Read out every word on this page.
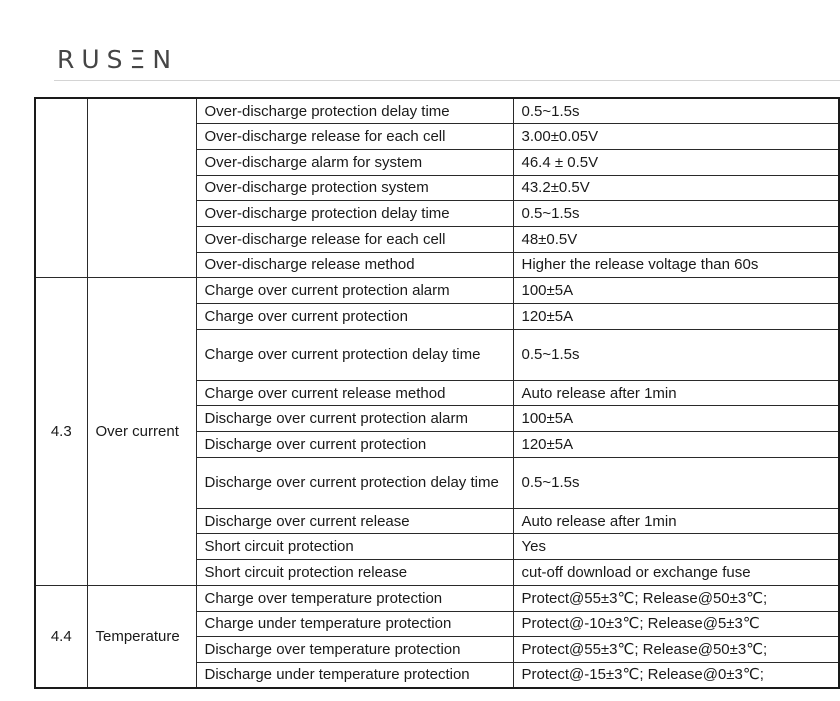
RᑌSΞN
		Over-discharge protection delay time	0.5~1.5s
		Over-discharge release for each cell	3.00±0.05V
		Over-discharge alarm for system	46.4 ± 0.5V
		Over-discharge protection system	43.2±0.5V
		Over-discharge protection delay time	0.5~1.5s
		Over-discharge release for each cell	48±0.5V
		Over-discharge release method	Higher the release voltage than 60s
4.3	Over current	Charge over current protection alarm	100±5A
		Charge over current protection	120±5A
		Charge over current protection delay time	0.5~1.5s
		Charge over current release method	Auto release after 1min
		Discharge over current protection alarm	100±5A
		Discharge over current protection	120±5A
		Discharge over current protection delay time	0.5~1.5s
		Discharge over current release	Auto release after 1min
		Short circuit protection	Yes
		Short circuit protection release	cut-off download or exchange fuse
4.4	Temperature	Charge over temperature protection	Protect@55±3℃; Release@50±3℃;
		Charge under temperature protection	Protect@-10±3℃; Release@5±3℃
		Discharge over temperature protection	Protect@55±3℃; Release@50±3℃;
		Discharge under temperature protection	Protect@-15±3℃; Release@0±3℃;
